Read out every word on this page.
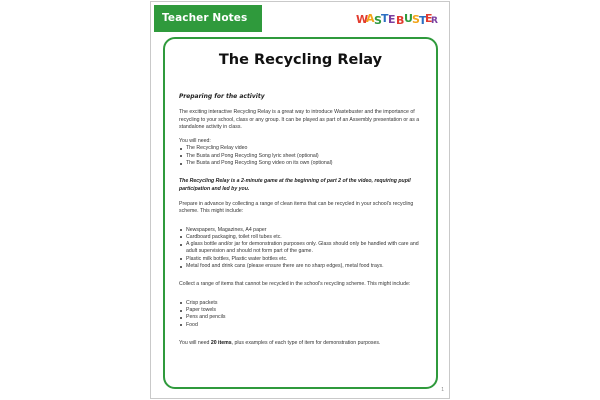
Teacher Notes	W
A S T E B U S T
E
R
The Recycling Relay
Preparing for the activity
The exciting interactive Recycling Relay is a great way to introduce Wastebuster and the importance of recycling to your school, class or any group. It can be played as part of an Assembly presentation or as a standalone activity in class.
You will need:
The Recycling Relay video
The Busta and Pong Recycling Song lyric sheet (optional)
The Busta and Pong Recycling Song video on its own (optional)
The Recycling Relay is a 2-minute game at the beginning of part 2 of the video, requiring pupil participation and led by you.
Prepare in advance by collecting a range of clean items that can be recycled in your school's recycling scheme. This might include:
Newspapers, Magazines, A4 paper
Cardboard packaging, toilet roll tubes etc.
A glass bottle and/or jar for demonstration purposes only. Glass should only be handled with care and adult supervision and should not form part of the game.
Plastic milk bottles, Plastic water bottles etc.
Metal food and drink cans (please ensure there are no sharp edges), metal food trays.
Collect a range of items that cannot be recycled in the school's recycling scheme. This might include:
Crisp packets
Paper towels
Pens and pencils
Food
You will need 20 items, plus examples of each type of item for demonstration purposes.
1
